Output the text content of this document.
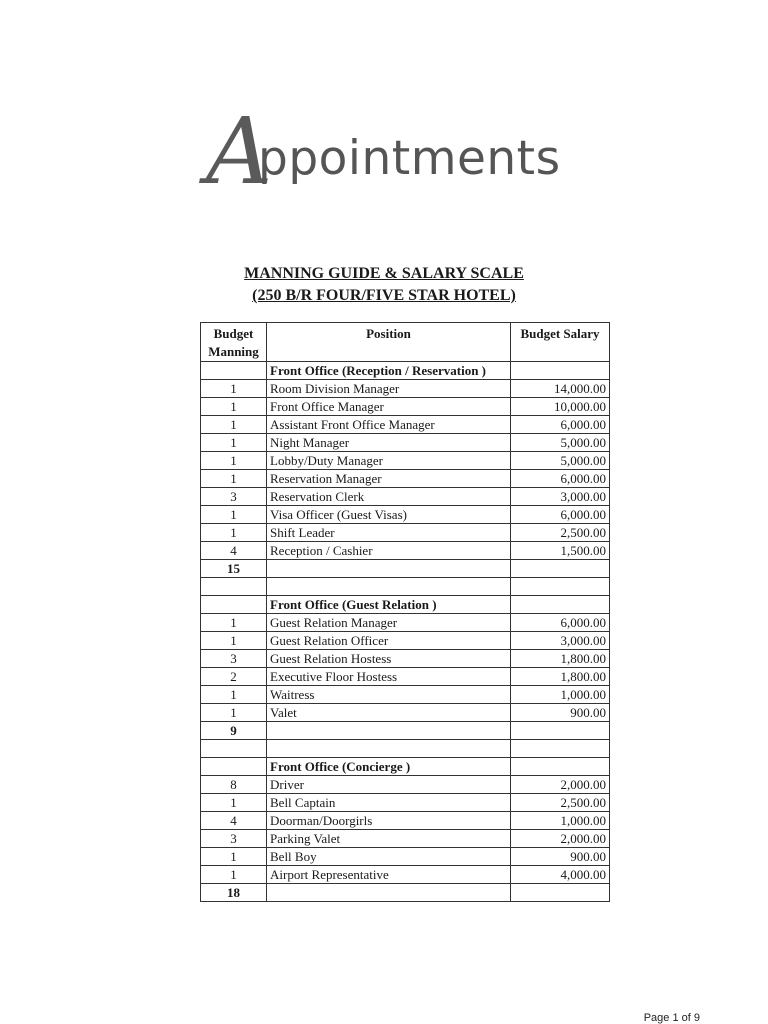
A
ppointments
MANNING GUIDE & SALARY SCALE
(250 B/R FOUR/FIVE STAR HOTEL)
Budget Manning	Position	Budget Salary
	Front Office (Reception / Reservation )	
1	Room Division Manager	14,000.00
1	Front Office Manager	10,000.00
1	Assistant Front Office Manager	6,000.00
1	Night Manager	5,000.00
1	Lobby/Duty Manager	5,000.00
1	Reservation Manager	6,000.00
3	Reservation Clerk	3,000.00
1	Visa Officer (Guest Visas)	6,000.00
1	Shift Leader	2,500.00
4	Reception / Cashier	1,500.00
15		

	Front Office (Guest Relation )	
1	Guest Relation Manager	6,000.00
1	Guest Relation Officer	3,000.00
3	Guest Relation Hostess	1,800.00
2	Executive Floor Hostess	1,800.00
1	Waitress	1,000.00
1	Valet	900.00
9		

	Front Office (Concierge )	
8	Driver	2,000.00
1	Bell Captain	2,500.00
4	Doorman/Doorgirls	1,000.00
3	Parking Valet	2,000.00
1	Bell Boy	900.00
1	Airport Representative	4,000.00
18		
Page 1 of 9
